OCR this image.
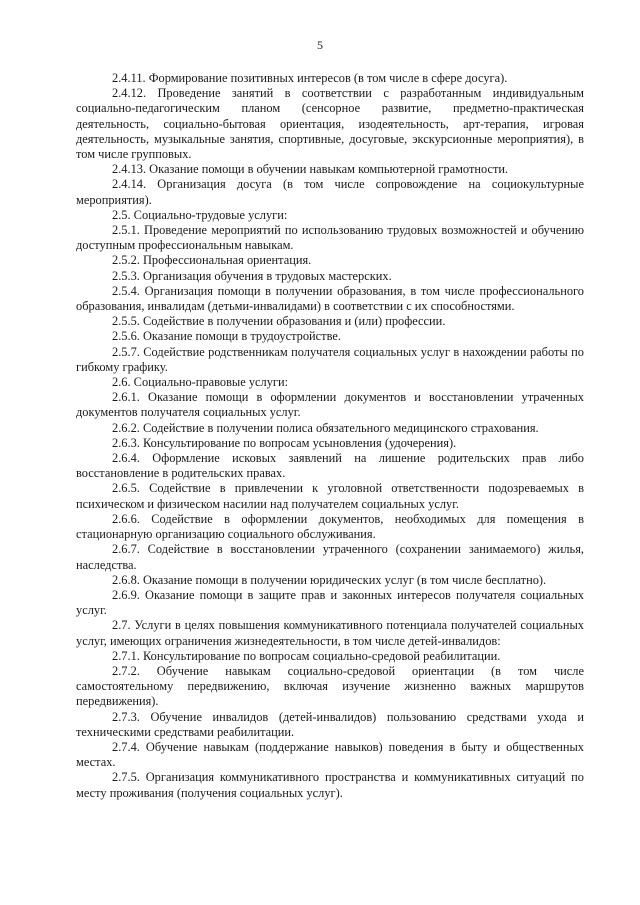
5

2.4.11. Формирование позитивных интересов (в том числе в сфере досуга).

2.4.12. Проведение занятий в соответствии с разработанным индивидуальным социально-педагогическим планом (сенсорное развитие, предметно-практическая деятельность, социально-бытовая ориентация, изодеятельность, арт-терапия, игровая деятельность, музыкальные занятия, спортивные, досуговые, экскурсионные мероприятия), в том числе групповых.

2.4.13. Оказание помощи в обучении навыкам компьютерной грамотности.

2.4.14. Организация досуга (в том числе сопровождение на социокультурные мероприятия).

2.5. Социально-трудовые услуги:

2.5.1. Проведение мероприятий по использованию трудовых возможностей и обучению доступным профессиональным навыкам.

2.5.2. Профессиональная ориентация.

2.5.3. Организация обучения в трудовых мастерских.

2.5.4. Организация помощи в получении образования, в том числе профессионального образования, инвалидам (детьми-инвалидами) в соответствии с их способностями.

2.5.5. Содействие в получении образования и (или) профессии.

2.5.6. Оказание помощи в трудоустройстве.

2.5.7. Содействие родственникам получателя социальных услуг в нахождении работы по гибкому графику.

2.6. Социально-правовые услуги:

2.6.1. Оказание помощи в оформлении документов и восстановлении утраченных документов получателя социальных услуг.

2.6.2. Содействие в получении полиса обязательного медицинского страхования.

2.6.3. Консультирование по вопросам усыновления (удочерения).

2.6.4. Оформление исковых заявлений на лишение родительских прав либо восстановление в родительских правах.

2.6.5. Содействие в привлечении к уголовной ответственности подозреваемых в психическом и физическом насилии над получателем социальных услуг.

2.6.6. Содействие в оформлении документов, необходимых для помещения в стационарную организацию социального обслуживания.

2.6.7. Содействие в восстановлении утраченного (сохранении занимаемого) жилья, наследства.

2.6.8. Оказание помощи в получении юридических услуг (в том числе бесплатно).

2.6.9. Оказание помощи в защите прав и законных интересов получателя социальных услуг.

2.7. Услуги в целях повышения коммуникативного потенциала получателей социальных услуг, имеющих ограничения жизнедеятельности, в том числе детей-инвалидов:

2.7.1. Консультирование по вопросам социально-средовой реабилитации.

2.7.2. Обучение навыкам социально-средовой ориентации (в том числе самостоятельному передвижению, включая изучение жизненно важных маршрутов передвижения).

2.7.3. Обучение инвалидов (детей-инвалидов) пользованию средствами ухода и техническими средствами реабилитации.

2.7.4. Обучение навыкам (поддержание навыков) поведения в быту и общественных местах.

2.7.5. Организация коммуникативного пространства и коммуникативных ситуаций по месту проживания (получения социальных услуг).
